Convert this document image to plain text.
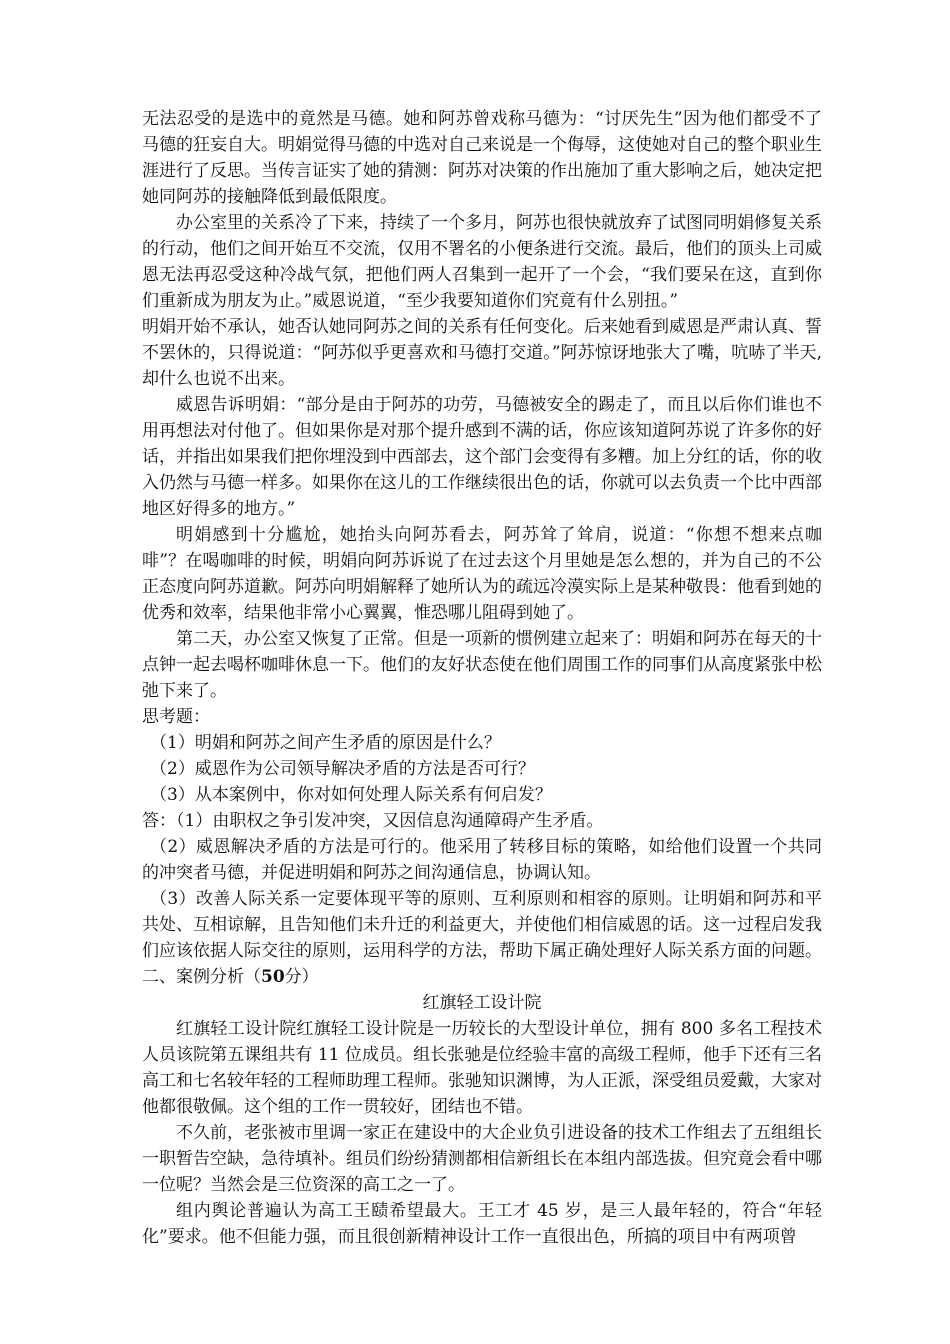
无法忍受的是选中的竟然是马德。她和阿苏曾戏称马德为：“讨厌先生”因为他们都受不了马德的狂妄自大。明娟觉得马德的中选对自己来说是一个侮辱，这使她对自己的整个职业生涯进行了反思。当传言证实了她的猜测：阿苏对决策的作出施加了重大影响之后，她决定把她同阿苏的接触降低到最低限度。

办公室里的关系冷了下来，持续了一个多月，阿苏也很快就放弃了试图同明娟修复关系的行动，他们之间开始互不交流，仅用不署名的小便条进行交流。最后，他们的顶头上司威恩无法再忍受这种冷战气氛，把他们两人召集到一起开了一个会，“我们要呆在这，直到你们重新成为朋友为止。”威恩说道，“至少我要知道你们究竟有什么别扭。”

明娟开始不承认，她否认她同阿苏之间的关系有任何变化。后来她看到威恩是严肃认真、誓不罢休的，只得说道：“阿苏似乎更喜欢和马德打交道。”阿苏惊讶地张大了嘴，吭哧了半天,却什么也说不出来。

威恩告诉明娟：“部分是由于阿苏的功劳，马德被安全的踢走了，而且以后你们谁也不用再想法对付他了。但如果你是对那个提升感到不满的话，你应该知道阿苏说了许多你的好话，并指出如果我们把你埋没到中西部去，这个部门会变得有多糟。加上分红的话，你的收入仍然与马德一样多。如果你在这儿的工作继续很出色的话，你就可以去负责一个比中西部地区好得多的地方。”

明娟感到十分尴尬，她抬头向阿苏看去，阿苏耸了耸肩，说道：“你想不想来点咖啡”？在喝咖啡的时候，明娟向阿苏诉说了在过去这个月里她是怎么想的，并为自己的不公正态度向阿苏道歉。阿苏向明娟解释了她所认为的疏远冷漠实际上是某种敬畏：他看到她的优秀和效率，结果他非常小心翼翼，惟恐哪儿阻碍到她了。

第二天，办公室又恢复了正常。但是一项新的惯例建立起来了：明娟和阿苏在每天的十点钟一起去喝杯咖啡休息一下。他们的友好状态使在他们周围工作的同事们从高度紧张中松弛下来了。

思考题：

（1）明娟和阿苏之间产生矛盾的原因是什么？

（2）威恩作为公司领导解决矛盾的方法是否可行？

（3）从本案例中，你对如何处理人际关系有何启发？

答：（1）由职权之争引发冲突，又因信息沟通障碍产生矛盾。

（2）威恩解决矛盾的方法是可行的。他采用了转移目标的策略，如给他们设置一个共同的冲突者马德，并促进明娟和阿苏之间沟通信息，协调认知。

（3）改善人际关系一定要体现平等的原则、互利原则和相容的原则。让明娟和阿苏和平共处、互相谅解，且告知他们未升迁的利益更大，并使他们相信威恩的话。这一过程启发我们应该依据人际交往的原则，运用科学的方法，帮助下属正确处理好人际关系方面的问题。二、案例分析（50分）

红旗轻工设计院

红旗轻工设计院红旗轻工设计院是一历较长的大型设计单位，拥有 800 多名工程技术人员该院第五课组共有 11 位成员。组长张驰是位经验丰富的高级工程师，他手下还有三名高工和七名较年轻的工程师助理工程师。张驰知识渊博，为人正派，深受组员爱戴，大家对他都很敬佩。这个组的工作一贯较好，团结也不错。

不久前，老张被市里调一家正在建设中的大企业负引进设备的技术工作组去了五组组长一职暂告空缺，急待填补。组员们纷纷猜测都相信新组长在本组内部选拔。但究竟会看中哪一位呢？当然会是三位资深的高工之一了。

组内舆论普遍认为高工王赜希望最大。王工才 45 岁，是三人最年轻的，符合“年轻化”要求。他不但能力强，而且很创新精神设计工作一直很出色，所搞的项目中有两项曾
